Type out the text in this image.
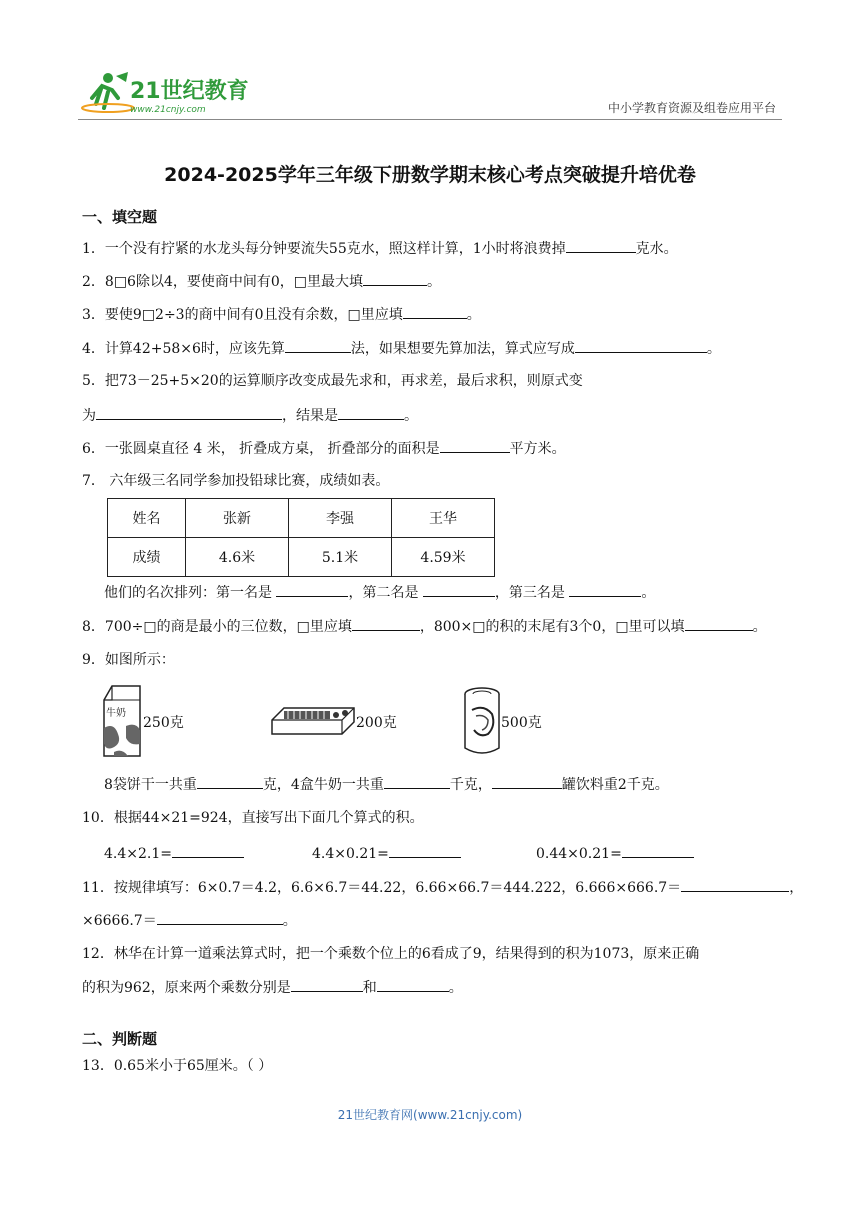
21世纪教育
www.21cnjy.com	中小学教育资源及组卷应用平台
2024-2025学年三年级下册数学期末核心考点突破提升培优卷
一、填空题
1．一个没有拧紧的水龙头每分钟要流失55克水，照这样计算，1小时将浪费掉	克水。
2．8□6除以4，要使商中间有0，□里最大填	。
3．要使9□2÷3的商中间有0且没有余数，□里应填	。
4．计算42+58×6时，应该先算	法，如果想要先算加法，算式应写成	。
5．把73－25+5×20的运算顺序改变成最先求和，再求差，最后求积，则原式变
为	，结果是	。
6．一张圆桌直径 4 米， 折叠成方桌， 折叠部分的面积是	平方米。
7． 六年级三名同学参加投铅球比赛，成绩如表。
姓名	张新	李强	王华
成绩	4.6米	5.1米	4.59米
他们的名次排列：第一名是	，第二名是	，第三名是	。
8．700÷□的商是最小的三位数，□里应填	，800×□的积的末尾有3个0，□里可以填	。
9．如图所示：
牛奶
250克	200克	500克
8袋饼干一共重	克，4盒牛奶一共重	千克，	罐饮料重2千克。
10．根据44×21=924，直接写出下面几个算式的积。
4.4×2.1=	4.4×0.21=	0.44×0.21=
11．按规律填写：6×0.7＝4.2，6.6×6.7＝44.22，6.66×66.7＝444.222，6.666×666.7＝	，
×6666.7＝	。
12．林华在计算一道乘法算式时，把一个乘数个位上的6看成了9，结果得到的积为1073，原来正确
的积为962，原来两个乘数分别是	和	。
二、判断题
13．0.65米小于65厘米。（ ）
21世纪教育网(www.21cnjy.com)
